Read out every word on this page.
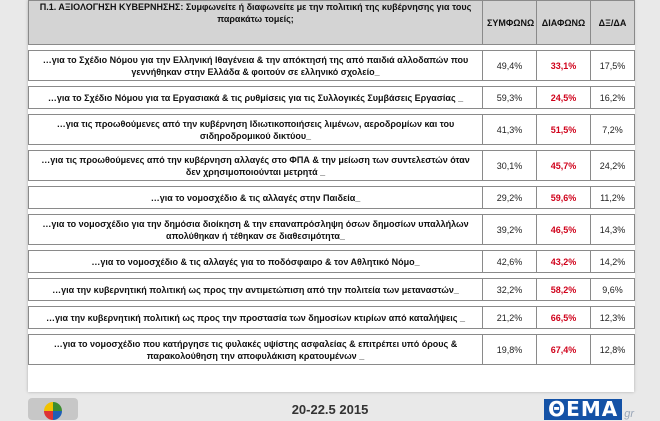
Π.1. ΑΞΙΟΛΟΓΗΣΗ ΚΥΒΕΡΝΗΣΗΣ: Συμφωνείτε ή διαφωνείτε με την πολιτική της κυβέρνησης για τους παρακάτω τομείς;	ΣΥΜΦΩΝΩ	ΔΙΑΦΩΝΩ	ΔΞ/ΔΑ

…για το Σχέδιο Νόμου για την Ελληνική Ιθαγένεια & την απόκτησή της από παιδιά αλλοδαπών που γεννήθηκαν στην Ελλάδα & φοιτούν σε ελληνικό σχολείο_	49,4%	33,1%	17,5%

…για το Σχέδιο Νόμου για τα Εργασιακά & τις ρυθμίσεις για τις Συλλογικές Συμβάσεις Εργασίας _	59,3%	24,5%	16,2%

…για τις προωθούμενες από την κυβέρνηση Ιδιωτικοποιήσεις λιμένων, αεροδρομίων και του σιδηροδρομικού δικτύου_	41,3%	51,5%	7,2%

…για τις προωθούμενες από την κυβέρνηση αλλαγές στο ΦΠΑ & την μείωση των συντελεστών όταν δεν χρησιμοποιούνται μετρητά _	30,1%	45,7%	24,2%

…για το νομοσχέδιο & τις αλλαγές στην Παιδεία_	29,2%	59,6%	11,2%

…για το νομοσχέδιο για την δημόσια διοίκηση & την επαναπρόσληψη όσων δημοσίων υπαλλήλων απολύθηκαν ή τέθηκαν σε διαθεσιμότητα_	39,2%	46,5%	14,3%

…για το νομοσχέδιο & τις αλλαγές για το ποδόσφαιρο & τον Αθλητικό Νόμο_	42,6%	43,2%	14,2%

…για την κυβερνητική πολιτική ως προς την αντιμετώπιση από την πολιτεία των μεταναστών_	32,2%	58,2%	9,6%

…για την κυβερνητική πολιτική ως προς την προστασία των δημοσίων κτιρίων από καταλήψεις _	21,2%	66,5%	12,3%

…για το νομοσχέδιο που κατήργησε τις φυλακές υψίστης ασφαλείας & επιτρέπει υπό όρους & παρακολούθηση την αποφυλάκιση κρατουμένων _	19,8%	67,4%	12,8%
20-22.5 2015	ΘΕΜΑ gr
